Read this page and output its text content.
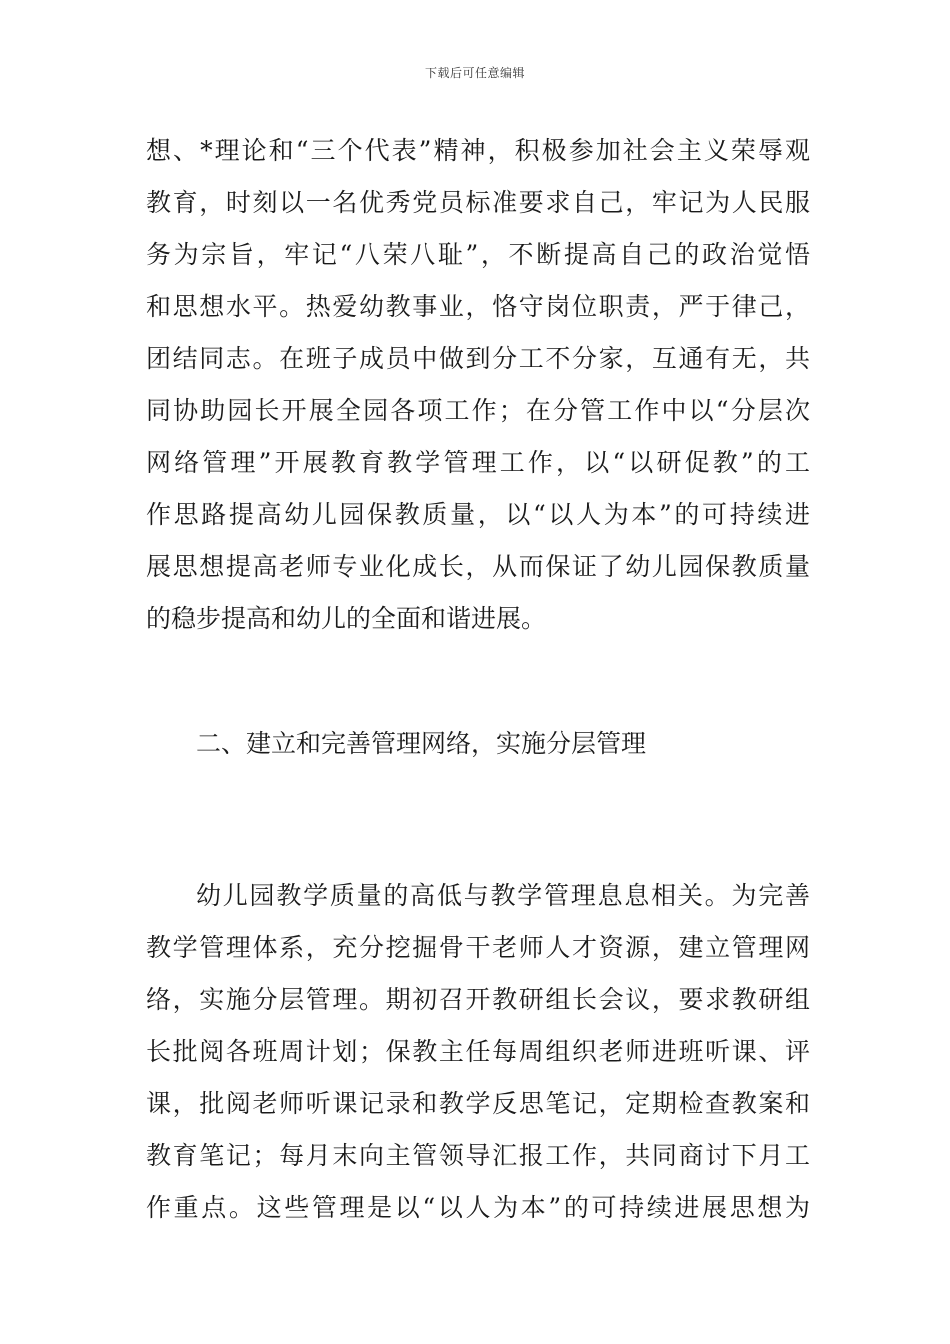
下载后可任意编辑
想、*理论和“三个代表”精神，积极参加社会主义荣辱观
教育，时刻以一名优秀党员标准要求自己，牢记为人民服
务为宗旨，牢记“八荣八耻”，不断提高自己的政治觉悟
和思想水平。热爱幼教事业，恪守岗位职责，严于律己，
团结同志。在班子成员中做到分工不分家，互通有无，共
同协助园长开展全园各项工作；在分管工作中以“分层次
网络管理”开展教育教学管理工作，以“以研促教”的工
作思路提高幼儿园保教质量，以“以人为本”的可持续进
展思想提高老师专业化成长，从而保证了幼儿园保教质量
的稳步提高和幼儿的全面和谐进展。
二、建立和完善管理网络，实施分层管理
幼儿园教学质量的高低与教学管理息息相关。为完善
教学管理体系，充分挖掘骨干老师人才资源，建立管理网
络，实施分层管理。期初召开教研组长会议，要求教研组
长批阅各班周计划；保教主任每周组织老师进班听课、评
课，批阅老师听课记录和教学反思笔记，定期检查教案和
教育笔记；每月末向主管领导汇报工作，共同商讨下月工
作重点。这些管理是以“以人为本”的可持续进展思想为
